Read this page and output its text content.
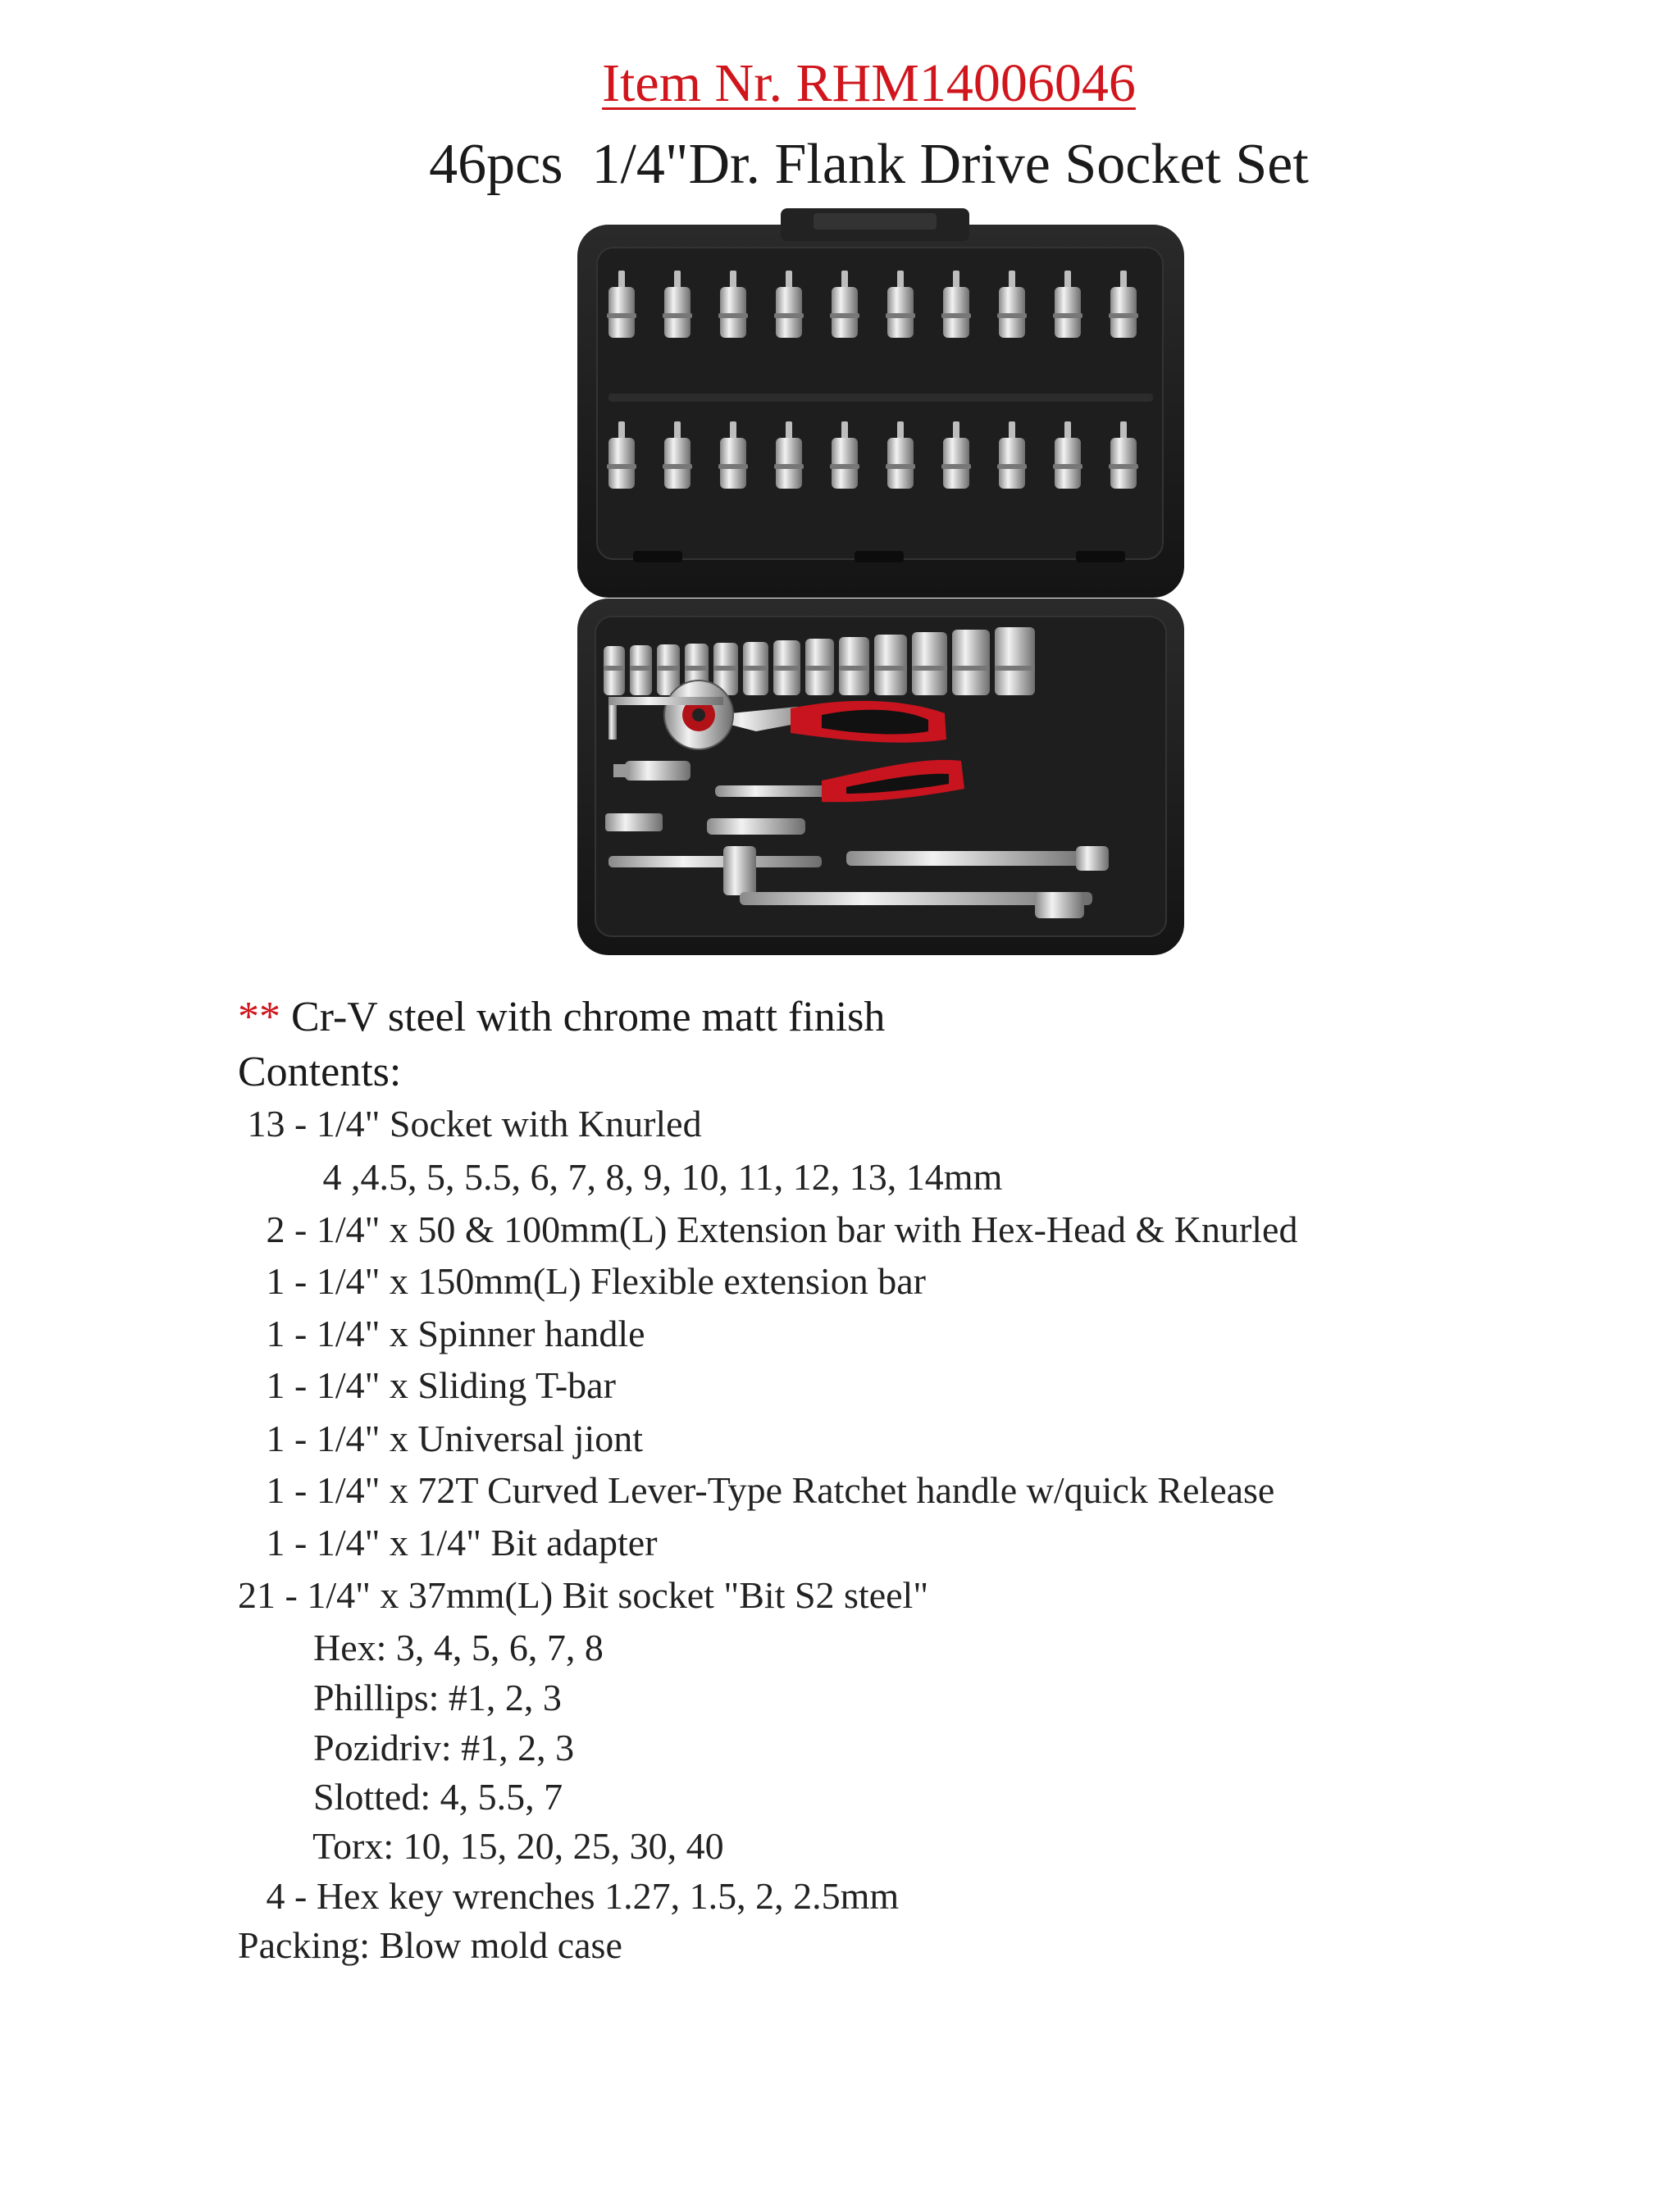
Item Nr. RHM14006046
46pcs  1/4"Dr. Flank Drive Socket Set
** Cr-V steel with chrome matt finish
Contents:
13 - 1/4" Socket with Knurled
4 ,4.5, 5, 5.5, 6, 7, 8, 9, 10, 11, 12, 13, 14mm
2 - 1/4" x 50 & 100mm(L) Extension bar with Hex-Head & Knurled
1 - 1/4" x 150mm(L) Flexible extension bar
1 - 1/4" x Spinner handle
1 - 1/4" x Sliding T-bar
1 - 1/4" x Universal jiont
1 - 1/4" x 72T Curved Lever-Type Ratchet handle w/quick Release
1 - 1/4" x 1/4" Bit adapter
21 - 1/4" x 37mm(L) Bit socket "Bit S2 steel"
Hex: 3, 4, 5, 6, 7, 8
Phillips: #1, 2, 3
Pozidriv: #1, 2, 3
Slotted: 4, 5.5, 7
Torx: 10, 15, 20, 25, 30, 40
4 - Hex key wrenches 1.27, 1.5, 2, 2.5mm
Packing: Blow mold case
